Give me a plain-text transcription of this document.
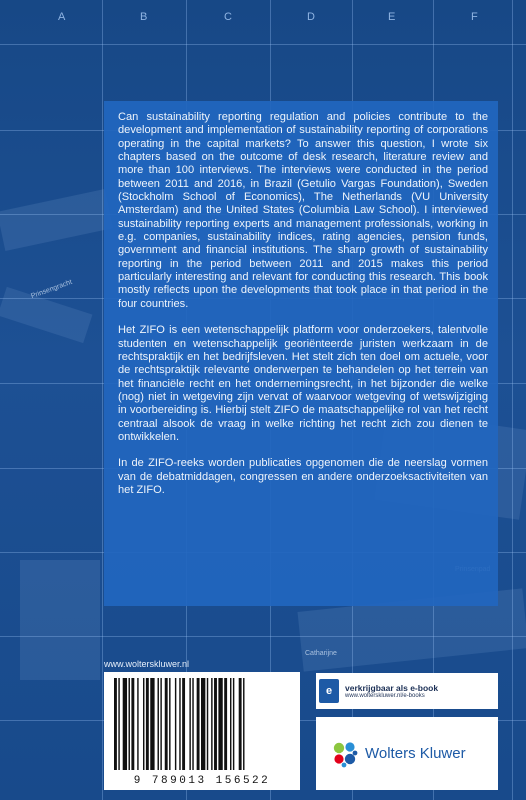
A	B	C	D	E	F
Prinsengracht
Catharijne

Can sustainability reporting regulation and policies contribute to the development and implementation of sustainability reporting of corporations operating in the capital markets? To answer this question, I wrote six chapters based on the outcome of desk research, literature review and more than 100 interviews. The interviews were conducted in the period between 2011 and 2016, in Brazil (Getulio Vargas Foundation), Sweden (Stockholm School of Economics), The Netherlands (VU University Amsterdam) and the United States (Columbia Law School). I interviewed sustainability reporting experts and management professionals, working in e.g. companies, sustainability indices, rating agencies, pension funds, government and financial institutions. The sharp growth of sustainability reporting in the period between 2011 and 2015 makes this period particularly interesting and relevant for conducting this research. This book mostly reflects upon the developments that took place in that period in the four countries.

Het ZIFO is een wetenschappelijk platform voor onderzoekers, talentvolle studenten en wetenschappelijk georiënteerde juristen werkzaam in de rechtspraktijk en het bedrijfsleven. Het stelt zich ten doel om actuele, voor de rechtspraktijk relevante onderwerpen te behandelen op het terrein van het financiële recht en het ondernemingsrecht, in het bijzonder die welke (nog) niet in wetgeving zijn vervat of waarvoor wetgeving of wetswijziging in voorbereiding is. Hierbij stelt ZIFO de maatschappelijke rol van het recht centraal alsook de vraag in welke richting het recht zich zou dienen te ontwikkelen.

In de ZIFO-reeks worden publicaties opgenomen die de neerslag vormen van de debatmiddagen, congressen en andere onderzoeksactiviteiten van het ZIFO.

www.wolterskluwer.nl
9 789013 156522
e	verkrijgbaar als e-book
www.wolterskluwer.nl/e-books
Wolters Kluwer
